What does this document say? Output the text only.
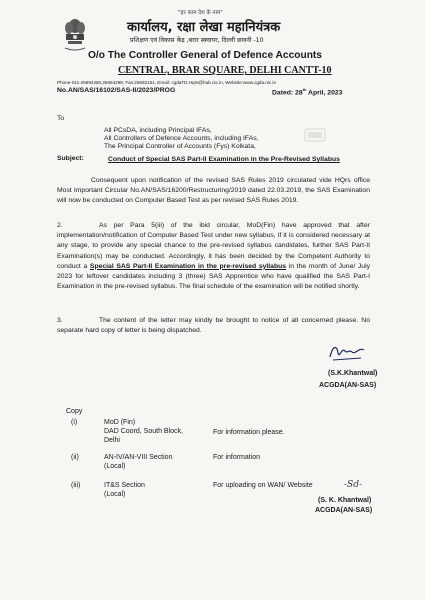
"हर काम देश के नाम"
कार्यालय, रक्षा लेखा महानियंत्रक
प्रशिक्षण एवं विकास केंद्र ,बरार स्क्वायर, दिल्ली छावनी -10
O/o The Controller General of Defence Accounts
CENTRAL, BRAR SQUARE, DELHI CANTT-10
Phone-011-25694260,25694298, Fax:25682151, Email: cgdaTD.Hqrs@hub.nic.in, Website:www.cgda.nic.in
No.AN/SAS/16102/SAS-II/2023/PROG	Dated: 28th April, 2023
To
All PCsDA, including Principal IFAs,
All Controllers of Defence Accounts, including IFAs,
The Principal Controller of Accounts (Fys) Kolkata,
Subject:	Conduct of Special SAS Part-II Examination in the Pre-Revised Syllabus
Consequent upon notification of the revised SAS Rules 2019 circulated vide HQrs office Most Important Circular No.AN/SAS/16200/Restructuring/2019 dated 22.03.2019, the SAS Examination will now be conducted on Computer Based Test as per revised SAS Rules 2019.
2.	As per Para 5(iii) of the ibid circular, MoD(Fin) have approved that after implementation/notification of Computer Based Test under new syllabus, if it is considered necessary at any stage, to provide any special chance to the pre-revised syllabus candidates, further SAS Part-II Examination(s) may be conducted. Accordingly, it has been decided by the Competent Authority to conduct a Special SAS Part-II Examination in the pre-revised syllabus in the month of June/ July 2023 for leftover candidates including 3 (three) SAS Apprentice who have qualified the SAS Part-I Examination in the pre-revised syllabus. The final schedule of the examination will be notified shortly.
3.	The content of the letter may kindly be brought to notice of all concerned please. No separate hard copy of letter is being dispatched.
(S.K.Khantwal)
ACGDA(AN-SAS)
Copy
(i)	MoD (Fin)
DAD Coord, South Block,
Delhi
For information please.
(ii)	AN-IV/AN-VIII Section
(Local)
For information
(iii)	IT&S Section
(Local)
For uploading on WAN/ Website	-Sd-
(S. K. Khantwal)
ACGDA(AN-SAS)
